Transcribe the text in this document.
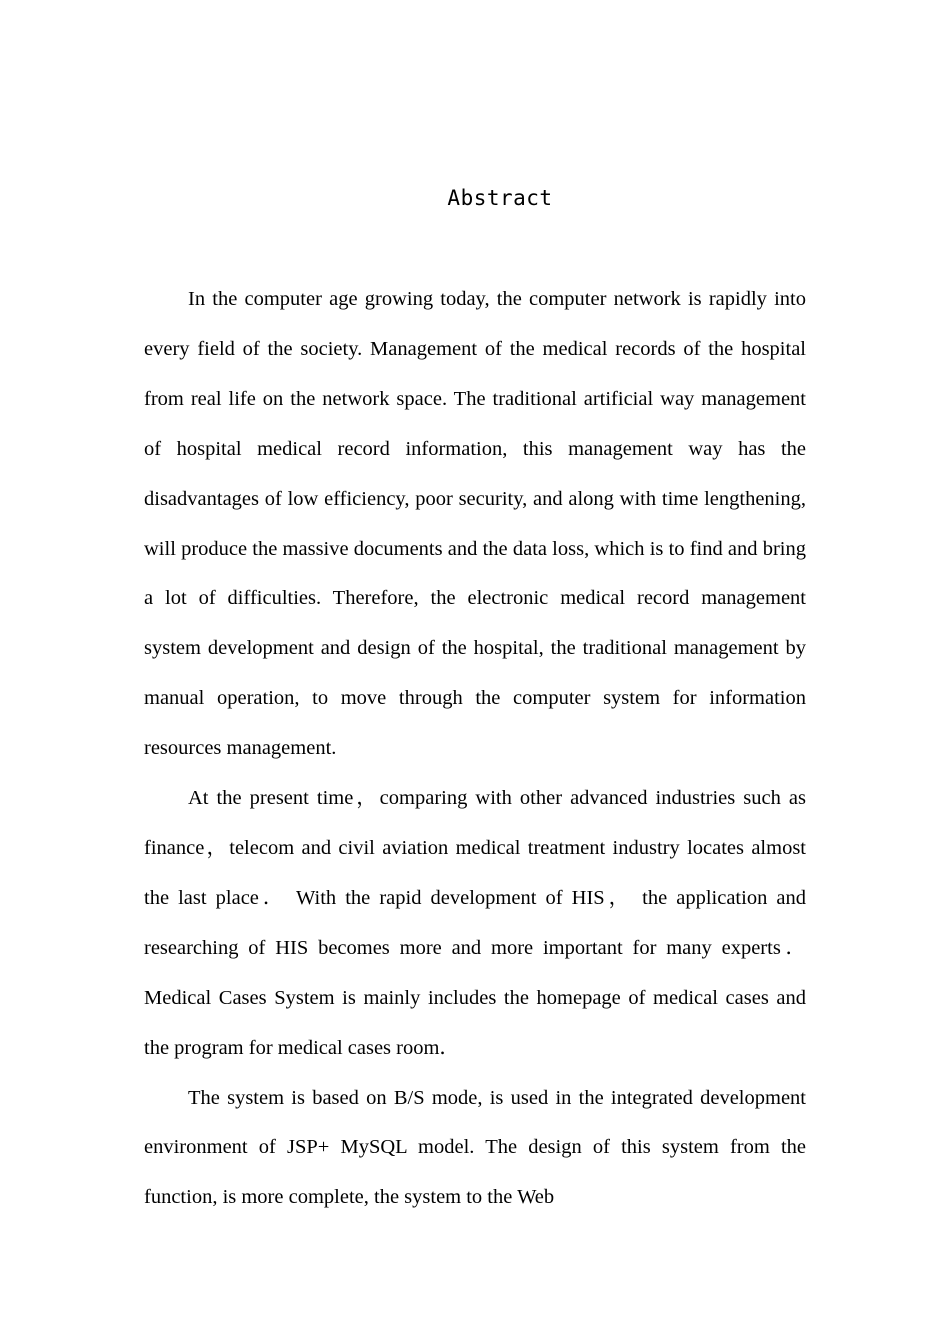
Abstract

In the computer age growing today, the computer network is rapidly into every field of the society. Management of the medical records of the hospital from real life on the network space. The traditional artificial way management of hospital medical record information, this management way has the disadvantages of low efficiency, poor security, and along with time lengthening, will produce the massive documents and the data loss, which is to find and bring a lot of difficulties. Therefore, the electronic medical record management system development and design of the hospital, the traditional management by manual operation, to move through the computer system for information resources management.

At the present time，comparing with other advanced industries such as finance，telecom and civil aviation medical treatment industry locates almost the last place． With the rapid development of HIS， the application and researching of HIS becomes more and more important for many experts． Medical Cases System is mainly includes the homepage of medical cases and the program for medical cases room．

The system is based on B/S mode, is used in the integrated development environment of JSP+ MySQL model. The design of this system from the function, is more complete, the system to the Web
